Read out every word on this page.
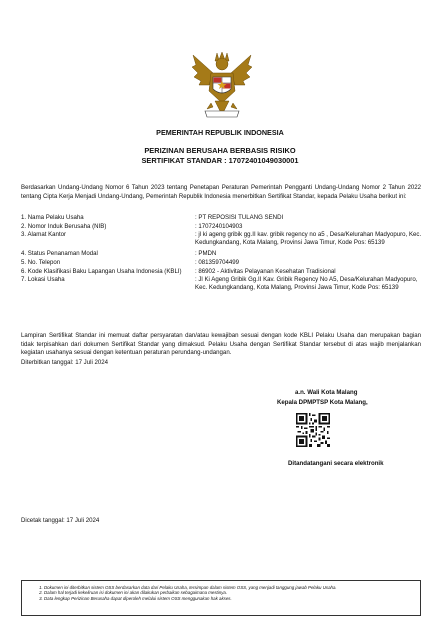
PEMERINTAH REPUBLIK INDONESIA
PERIZINAN BERUSAHA BERBASIS RISIKO
SERTIFIKAT STANDAR : 17072401049030001
Berdasarkan Undang-Undang Nomor 6 Tahun 2023 tentang Penetapan Peraturan Pemerintah Pengganti Undang-Undang Nomor 2 Tahun 2022 tentang Cipta Kerja Menjadi Undang-Undang, Pemerintah Republik Indonesia menerbitkan Sertifikat Standar, kepada Pelaku Usaha berikut ini:
1. Nama Pelaku Usaha	: PT REPOSISI TULANG SENDI
2. Nomor Induk Berusaha (NIB)	: 1707240104903
3. Alamat Kantor	: jl ki ageng gribik gg.II kav. gribik regency no a5 , Desa/Kelurahan Madyopuro, Kec. Kedungkandang, Kota Malang, Provinsi Jawa Timur, Kode Pos: 65139
4. Status Penanaman Modal	: PMDN
5. No. Telepon	: 081359704499
6. Kode Klasifikasi Baku Lapangan Usaha Indonesia (KBLI)	: 86902 - Aktivitas Pelayanan Kesehatan Tradisional
7. Lokasi Usaha	: Jl Ki Ageng Gribik Gg.II Kav. Gribik Regency No A5, Desa/Kelurahan Madyopuro, Kec. Kedungkandang, Kota Malang, Provinsi Jawa Timur, Kode Pos: 65139
Lampiran Sertifikat Standar ini memuat daftar persyaratan dan/atau kewajiban sesuai dengan kode KBLI Pelaku Usaha dan merupakan bagian tidak terpisahkan dari dokumen Sertifikat Standar yang dimaksud. Pelaku Usaha dengan Sertifikat Standar tersebut di atas wajib menjalankan kegiatan usahanya sesuai dengan ketentuan peraturan perundang-undangan.
Diterbitkan tanggal: 17 Juli 2024
a.n. Wali Kota Malang
Kepala DPMPTSP Kota Malang,
Ditandatangani secara elektronik
Dicetak tanggal: 17 Juli 2024
1. Dokumen ini diterbitkan sistem OSS berdasarkan data dari Pelaku Usaha, tersimpan dalam sistem OSS, yang menjadi tanggung jawab Pelaku Usaha.
2. Dalam hal terjadi kekeliruan isi dokumen ini akan dilakukan perbaikan sebagaimana mestinya.
3. Data lengkap Perizinan Berusaha dapat diperoleh melalui sistem OSS menggunakan hak akses.
